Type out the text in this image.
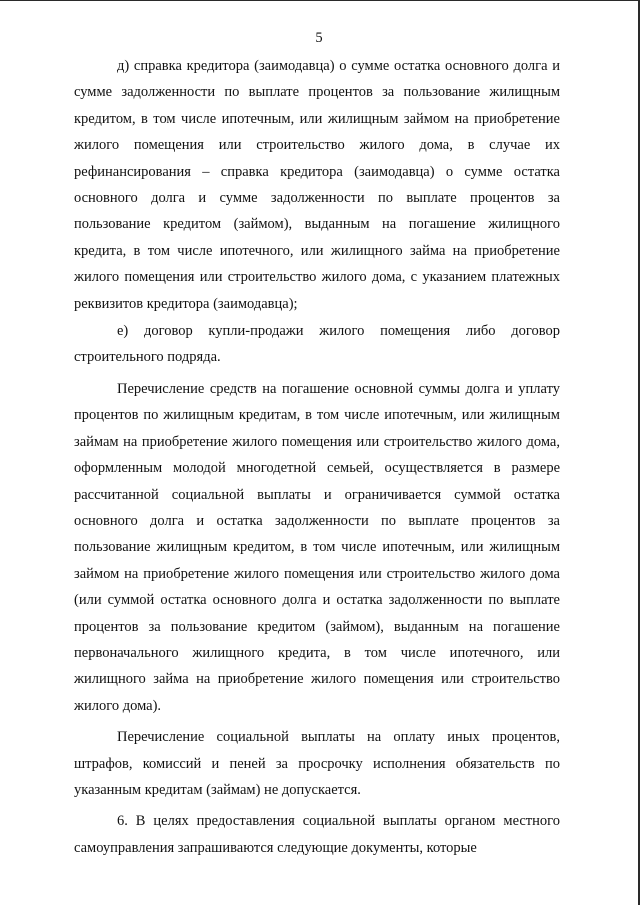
5

д) справка кредитора (заимодавца) о сумме остатка основного долга и сумме задолженности по выплате процентов за пользование жилищным кредитом, в том числе ипотечным, или жилищным займом на приобретение жилого помещения или строительство жилого дома, в случае их рефинансирования – справка кредитора (заимодавца) о сумме остатка основного долга и сумме задолженности по выплате процентов за пользование кредитом (займом), выданным на погашение жилищного кредита, в том числе ипотечного, или жилищного займа на приобретение жилого помещения или строительство жилого дома, с указанием платежных реквизитов кредитора (заимодавца);

е) договор купли-продажи жилого помещения либо договор строительного подряда.

Перечисление средств на погашение основной суммы долга и уплату процентов по жилищным кредитам, в том числе ипотечным, или жилищным займам на приобретение жилого помещения или строительство жилого дома, оформленным молодой многодетной семьей, осуществляется в размере рассчитанной социальной выплаты и ограничивается суммой остатка основного долга и остатка задолженности по выплате процентов за пользование жилищным кредитом, в том числе ипотечным, или жилищным займом на приобретение жилого помещения или строительство жилого дома (или суммой остатка основного долга и остатка задолженности по выплате процентов за пользование кредитом (займом), выданным на погашение первоначального жилищного кредита, в том числе ипотечного, или жилищного займа на приобретение жилого помещения или строительство жилого дома).

Перечисление социальной выплаты на оплату иных процентов, штрафов, комиссий и пеней за просрочку исполнения обязательств по указанным кредитам (займам) не допускается.

6. В целях предоставления социальной выплаты органом местного самоуправления запрашиваются следующие документы, которые
